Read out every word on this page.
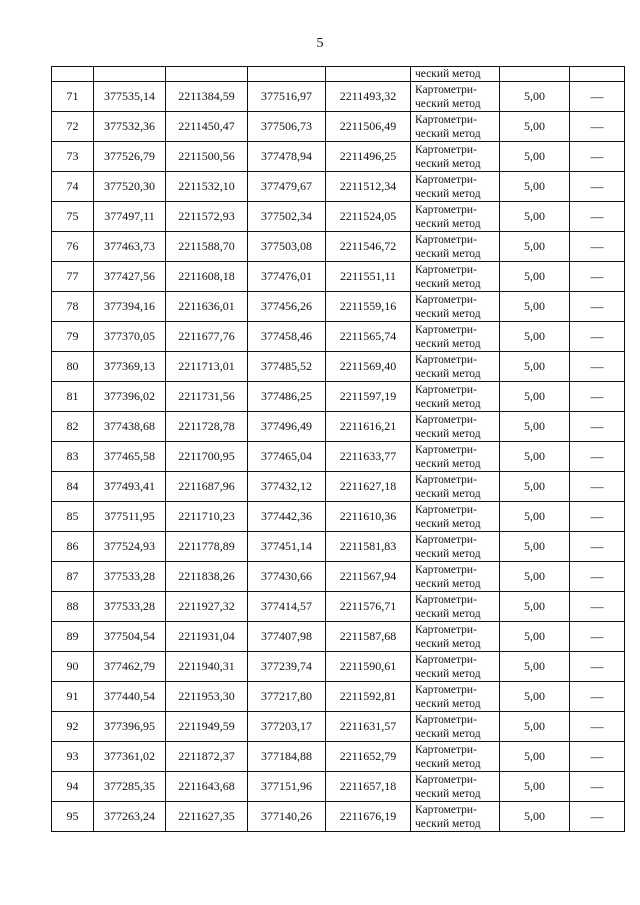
5
					ческий метод		
71	377535,14	2211384,59	377516,97	2211493,32	Картометри-
ческий метод	5,00	—
72	377532,36	2211450,47	377506,73	2211506,49	Картометри-
ческий метод	5,00	—
73	377526,79	2211500,56	377478,94	2211496,25	Картометри-
ческий метод	5,00	—
74	377520,30	2211532,10	377479,67	2211512,34	Картометри-
ческий метод	5,00	—
75	377497,11	2211572,93	377502,34	2211524,05	Картометри-
ческий метод	5,00	—
76	377463,73	2211588,70	377503,08	2211546,72	Картометри-
ческий метод	5,00	—
77	377427,56	2211608,18	377476,01	2211551,11	Картометри-
ческий метод	5,00	—
78	377394,16	2211636,01	377456,26	2211559,16	Картометри-
ческий метод	5,00	—
79	377370,05	2211677,76	377458,46	2211565,74	Картометри-
ческий метод	5,00	—
80	377369,13	2211713,01	377485,52	2211569,40	Картометри-
ческий метод	5,00	—
81	377396,02	2211731,56	377486,25	2211597,19	Картометри-
ческий метод	5,00	—
82	377438,68	2211728,78	377496,49	2211616,21	Картометри-
ческий метод	5,00	—
83	377465,58	2211700,95	377465,04	2211633,77	Картометри-
ческий метод	5,00	—
84	377493,41	2211687,96	377432,12	2211627,18	Картометри-
ческий метод	5,00	—
85	377511,95	2211710,23	377442,36	2211610,36	Картометри-
ческий метод	5,00	—
86	377524,93	2211778,89	377451,14	2211581,83	Картометри-
ческий метод	5,00	—
87	377533,28	2211838,26	377430,66	2211567,94	Картометри-
ческий метод	5,00	—
88	377533,28	2211927,32	377414,57	2211576,71	Картометри-
ческий метод	5,00	—
89	377504,54	2211931,04	377407,98	2211587,68	Картометри-
ческий метод	5,00	—
90	377462,79	2211940,31	377239,74	2211590,61	Картометри-
ческий метод	5,00	—
91	377440,54	2211953,30	377217,80	2211592,81	Картометри-
ческий метод	5,00	—
92	377396,95	2211949,59	377203,17	2211631,57	Картометри-
ческий метод	5,00	—
93	377361,02	2211872,37	377184,88	2211652,79	Картометри-
ческий метод	5,00	—
94	377285,35	2211643,68	377151,96	2211657,18	Картометри-
ческий метод	5,00	—
95	377263,24	2211627,35	377140,26	2211676,19	Картометри-
ческий метод	5,00	—
